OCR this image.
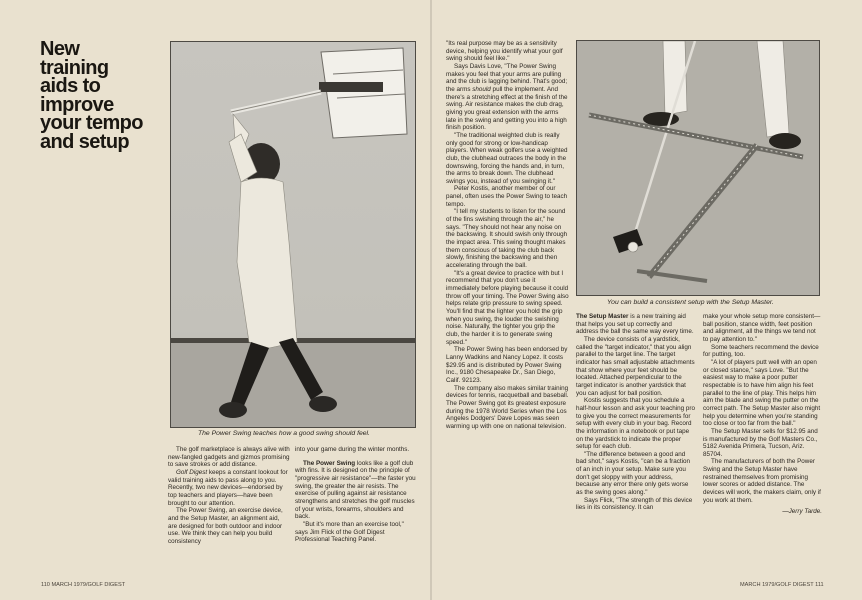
New
training
aids to
improve
your tempo
and setup
The Power Swing teaches how a good swing should feel.
You can build a consistent setup with the Setup Master.

The golf marketplace is always alive with new-fangled gadgets and gizmos promising to save strokes or add distance.

Golf Digest keeps a constant lookout for valid training aids to pass along to you. Recently, two new devices—endorsed by top teachers and players—have been brought to our attention.

The Power Swing, an exercise device, and the Setup Master, an alignment aid, are designed for both outdoor and indoor use. We think they can help you build consistency

into your game during the winter months.

The Power Swing looks like a golf club with fins. It is designed on the principle of "progressive air resistance"—the faster you swing, the greater the air resists. The exercise of pulling against air resistance strengthens and stretches the golf muscles of your wrists, forearms, shoulders and back.

"But it's more than an exercise tool," says Jim Flick of the Golf Digest Professional Teaching Panel.

"Its real purpose may be as a sensitivity device, helping you identify what your golf swing should feel like."

Says Davis Love, "The Power Swing makes you feel that your arms are pulling and the club is lagging behind. That's good; the arms should pull the implement. And there's a stretching effect at the finish of the swing. Air resistance makes the club drag, giving you great extension with the arms late in the swing and getting you into a high finish position.

"The traditional weighted club is really only good for strong or low-handicap players. When weak golfers use a weighted club, the clubhead outraces the body in the downswing, forcing the hands and, in turn, the arms to break down. The clubhead swings you, instead of you swinging it."

Peter Kostis, another member of our panel, often uses the Power Swing to teach tempo.

"I tell my students to listen for the sound of the fins swishing through the air," he says. "They should not hear any noise on the backswing. It should swish only through the impact area. This swing thought makes them conscious of taking the club back slowly, finishing the backswing and then accelerating through the ball.

"It's a great device to practice with but I recommend that you don't use it immediately before playing because it could throw off your timing. The Power Swing also helps relate grip pressure to swing speed. You'll find that the lighter you hold the grip when you swing, the louder the swishing noise. Naturally, the tighter you grip the club, the harder it is to generate swing speed."

The Power Swing has been endorsed by Lanny Wadkins and Nancy Lopez. It costs $29.95 and is distributed by Power Swing Inc., 9180 Chesapeake Dr., San Diego, Calif. 92123.

The company also makes similar training devices for tennis, racquetball and baseball. The Power Swing got its greatest exposure during the 1978 World Series when the Los Angeles Dodgers' Dave Lopes was seen warming up with one on national television.

The Setup Master is a new training aid that helps you set up correctly and address the ball the same way every time.

The device consists of a yardstick, called the "target indicator," that you align parallel to the target line. The target indicator has small adjustable attachments that show where your feet should be located. Attached perpendicular to the target indicator is another yardstick that you can adjust for ball position.

Kostis suggests that you schedule a half-hour lesson and ask your teaching pro to give you the correct measurements for setup with every club in your bag. Record the information in a notebook or put tape on the yardstick to indicate the proper setup for each club.

"The difference between a good and bad shot," says Kostis, "can be a fraction of an inch in your setup. Make sure you don't get sloppy with your address, because any error there only gets worse as the swing goes along."

Says Flick, "The strength of this device lies in its consistency. It can

make your whole setup more consistent—ball position, stance width, feet position and alignment, all the things we tend not to pay attention to."

Some teachers recommend the device for putting, too.

"A lot of players putt well with an open or closed stance," says Love. "But the easiest way to make a poor putter respectable is to have him align his feet parallel to the line of play. This helps him aim the blade and swing the putter on the correct path. The Setup Master also might help you determine when you're standing too close or too far from the ball."

The Setup Master sells for $12.95 and is manufactured by the Golf Masters Co., 5182 Avenida Primera, Tucson, Ariz. 85704.

The manufacturers of both the Power Swing and the Setup Master have restrained themselves from promising lower scores or added distance. The devices will work, the makers claim, only if you work at them.

—Jerry Tarde.

110 MARCH 1979/GOLF DIGEST	MARCH 1979/GOLF DIGEST 111
